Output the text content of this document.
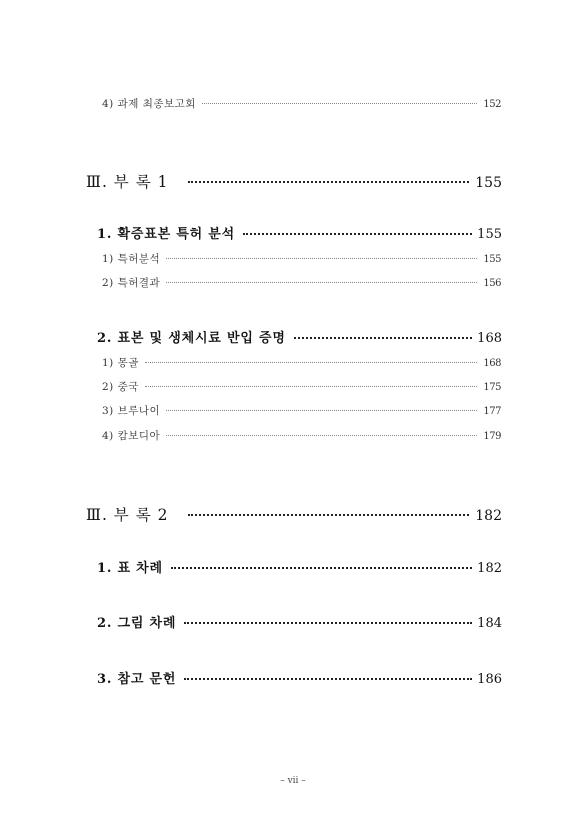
4) 과제 최종보고회	152
Ⅲ. 부 록 1	155
1. 확증표본 특허 분석	155
1) 특허분석	155
2) 특허결과	156
2. 표본 및 생체시료 반입 증명	168
1) 몽골	168
2) 중국	175
3) 브루나이	177
4) 캄보디아	179
Ⅲ. 부 록 2	182
1. 표 차례	182
2. 그림 차례	184
3. 참고 문헌	186
– vii –
